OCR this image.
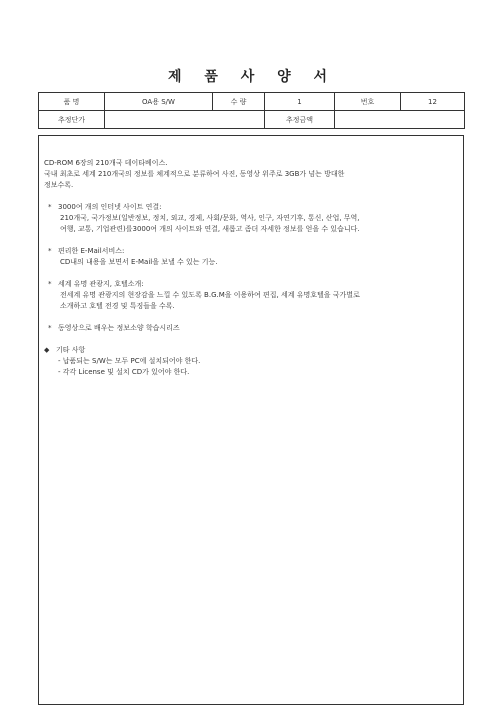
제 품 사 양 서
품 명	OA용 S/W	수 량	1	번호	12
추정단가			추정금액		

CD-ROM 6장의 210개국 데이타베이스.

국내 최초로 세계 210개국의 정보를 체계적으로 분류하여 사진, 동영상 위주로 3GB가 넘는 방대한

정보수록.

* 3000여 개의 인터넷 사이트 연결:

210개국, 국가정보(일반정보, 정치, 외교, 경제, 사회/문화, 역사, 인구, 자연기후, 통신, 산업, 무역,

여행, 교통, 기업관련)를3000여 개의 사이트와 연결, 새롭고 좀더 자세한 정보를 얻을 수 있습니다.

* 편리한 E-Mail서비스:

CD내의 내용을 보면서 E-Mail을 보낼 수 있는 기능.

* 세계 유명 관광지, 호텔소개:

전세계 유명 관광지의 현장감을 느낄 수 있도록 B.G.M을 이용하여 편집, 세계 유명호텔을 국가별로

소개하고 호텔 전경 및 특징들을 수록.

* 동영상으로 배우는 정보소양 학습시리즈

◆ 기타 사항

- 납품되는 S/W는 모두 PC에 설치되어야 한다.

- 각각 License 및 설치 CD가 있어야 한다.
